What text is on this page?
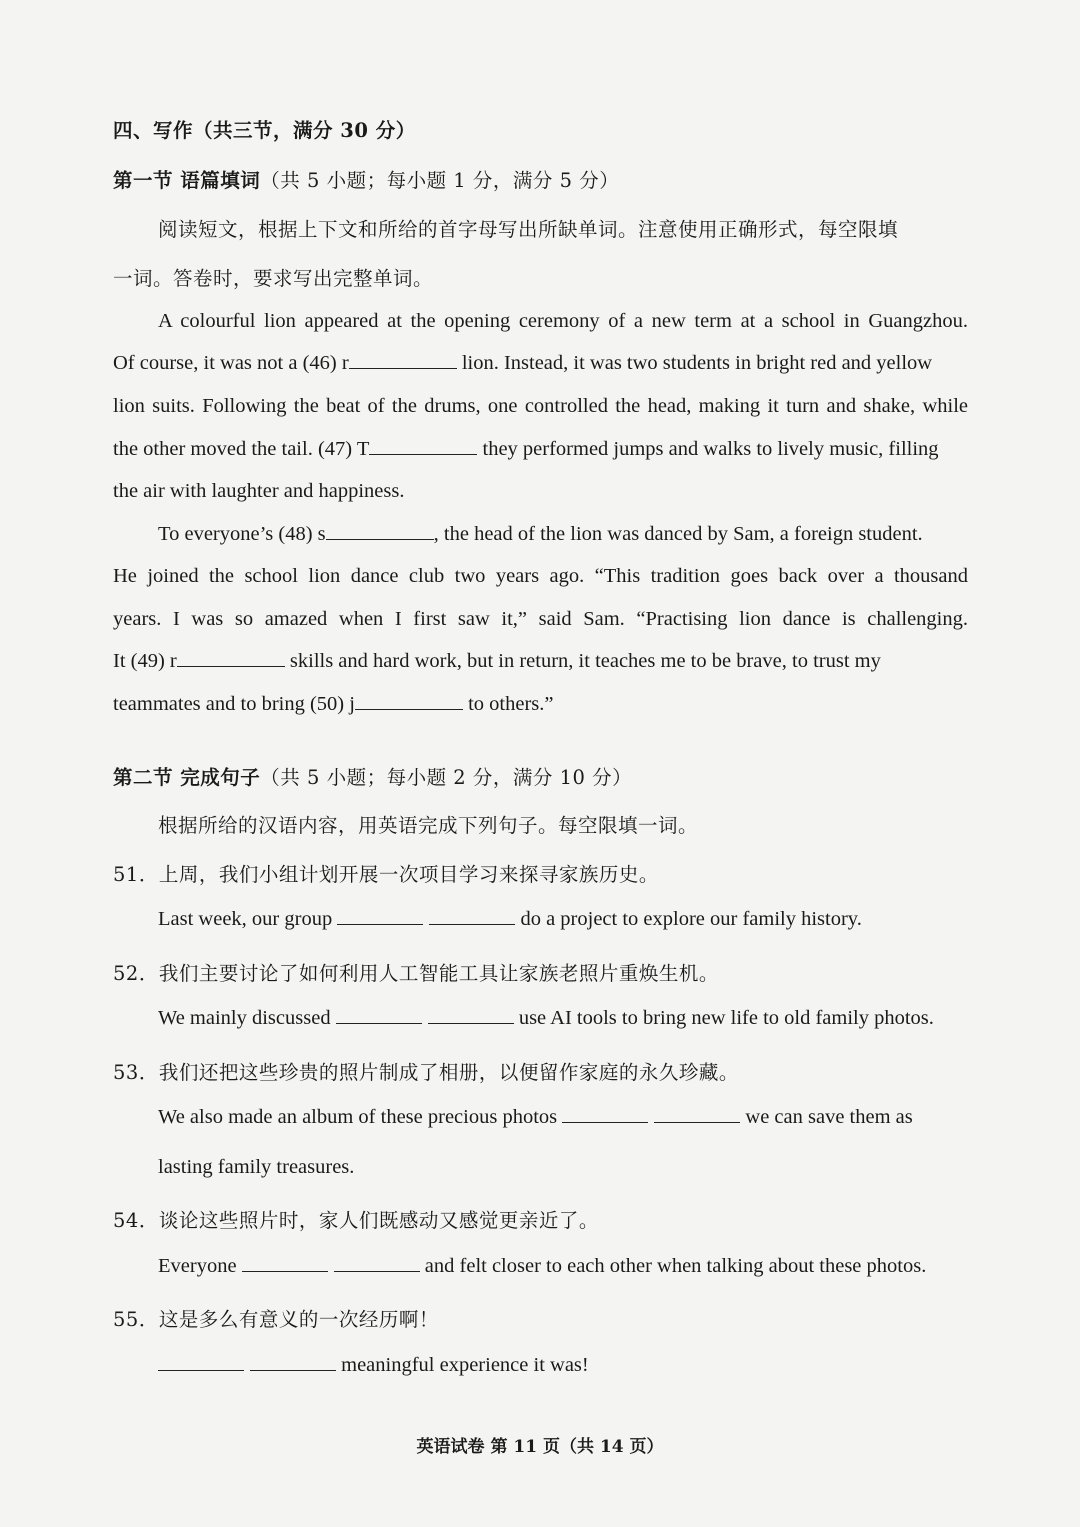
四、写作（共三节，满分 30 分）
第一节 语篇填词（共 5 小题；每小题 1 分，满分 5 分）
阅读短文，根据上下文和所给的首字母写出所缺单词。注意使用正确形式，每空限填
一词。答卷时，要求写出完整单词。
A colourful lion appeared at the opening ceremony of a new term at a school in Guangzhou.
Of course, it was not a (46) r	lion. Instead, it was two students in bright red and yellow
lion suits. Following the beat of the drums, one controlled the head, making it turn and shake, while
the other moved the tail. (47) T	they performed jumps and walks to lively music, filling
the air with laughter and happiness.
To everyone’s (48) s	, the head of the lion was danced by Sam, a foreign student.
He joined the school lion dance club two years ago. “This tradition goes back over a thousand
years. I was so amazed when I first saw it,” said Sam. “Practising lion dance is challenging.
It (49) r	skills and hard work, but in return, it teaches me to be brave, to trust my
teammates and to bring (50) j	to others.”
第二节 完成句子（共 5 小题；每小题 2 分，满分 10 分）
根据所给的汉语内容，用英语完成下列句子。每空限填一词。
51．上周，我们小组计划开展一次项目学习来探寻家族历史。
Last week, our group	do a project to explore our family history.
52．我们主要讨论了如何利用人工智能工具让家族老照片重焕生机。
We mainly discussed	use AI tools to bring new life to old family photos.
53．我们还把这些珍贵的照片制成了相册，以便留作家庭的永久珍藏。
We also made an album of these precious photos	we can save them as
lasting family treasures.
54．谈论这些照片时，家人们既感动又感觉更亲近了。
Everyone	and felt closer to each other when talking about these photos.
55．这是多么有意义的一次经历啊！
meaningful experience it was!
英语试卷 第 11 页（共 14 页）
